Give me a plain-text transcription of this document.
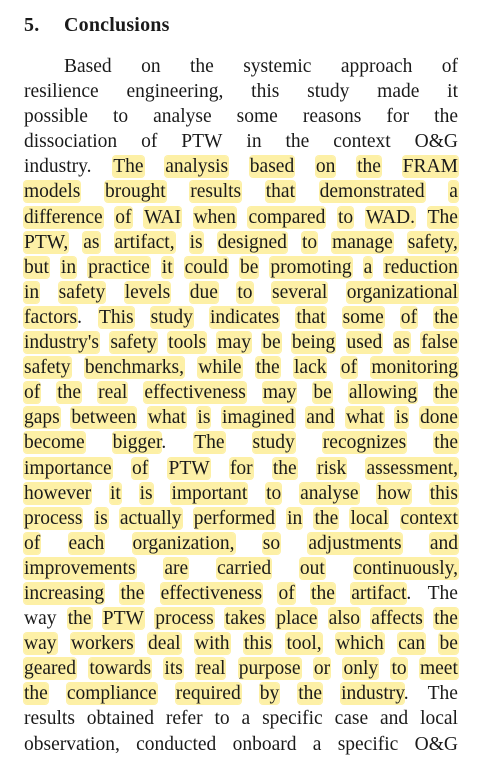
5. Conclusions
Based on the systemic approach of
resilience engineering, this study made it
possible to analyse some reasons for the
dissociation of PTW in the context O&G
industry. The analysis based on the FRAM
models brought results that demonstrated a
difference of WAI when compared to WAD. The
PTW, as artifact, is designed to manage safety,
but in practice it could be promoting a reduction
in safety levels due to several organizational
factors. This study indicates that some of the
industry's safety tools may be being used as false
safety benchmarks, while the lack of monitoring
of the real effectiveness may be allowing the
gaps between what is imagined and what is done
become bigger. The study recognizes the
importance of PTW for the risk assessment,
however it is important to analyse how this
process is actually performed in the local context
of each organization, so adjustments and
improvements are carried out continuously,
increasing the effectiveness of the artifact. The
way the PTW process takes place also affects the
way workers deal with this tool, which can be
geared towards its real purpose or only to meet
the compliance required by the industry. The
results obtained refer to a specific case and local
observation, conducted onboard a specific O&G
